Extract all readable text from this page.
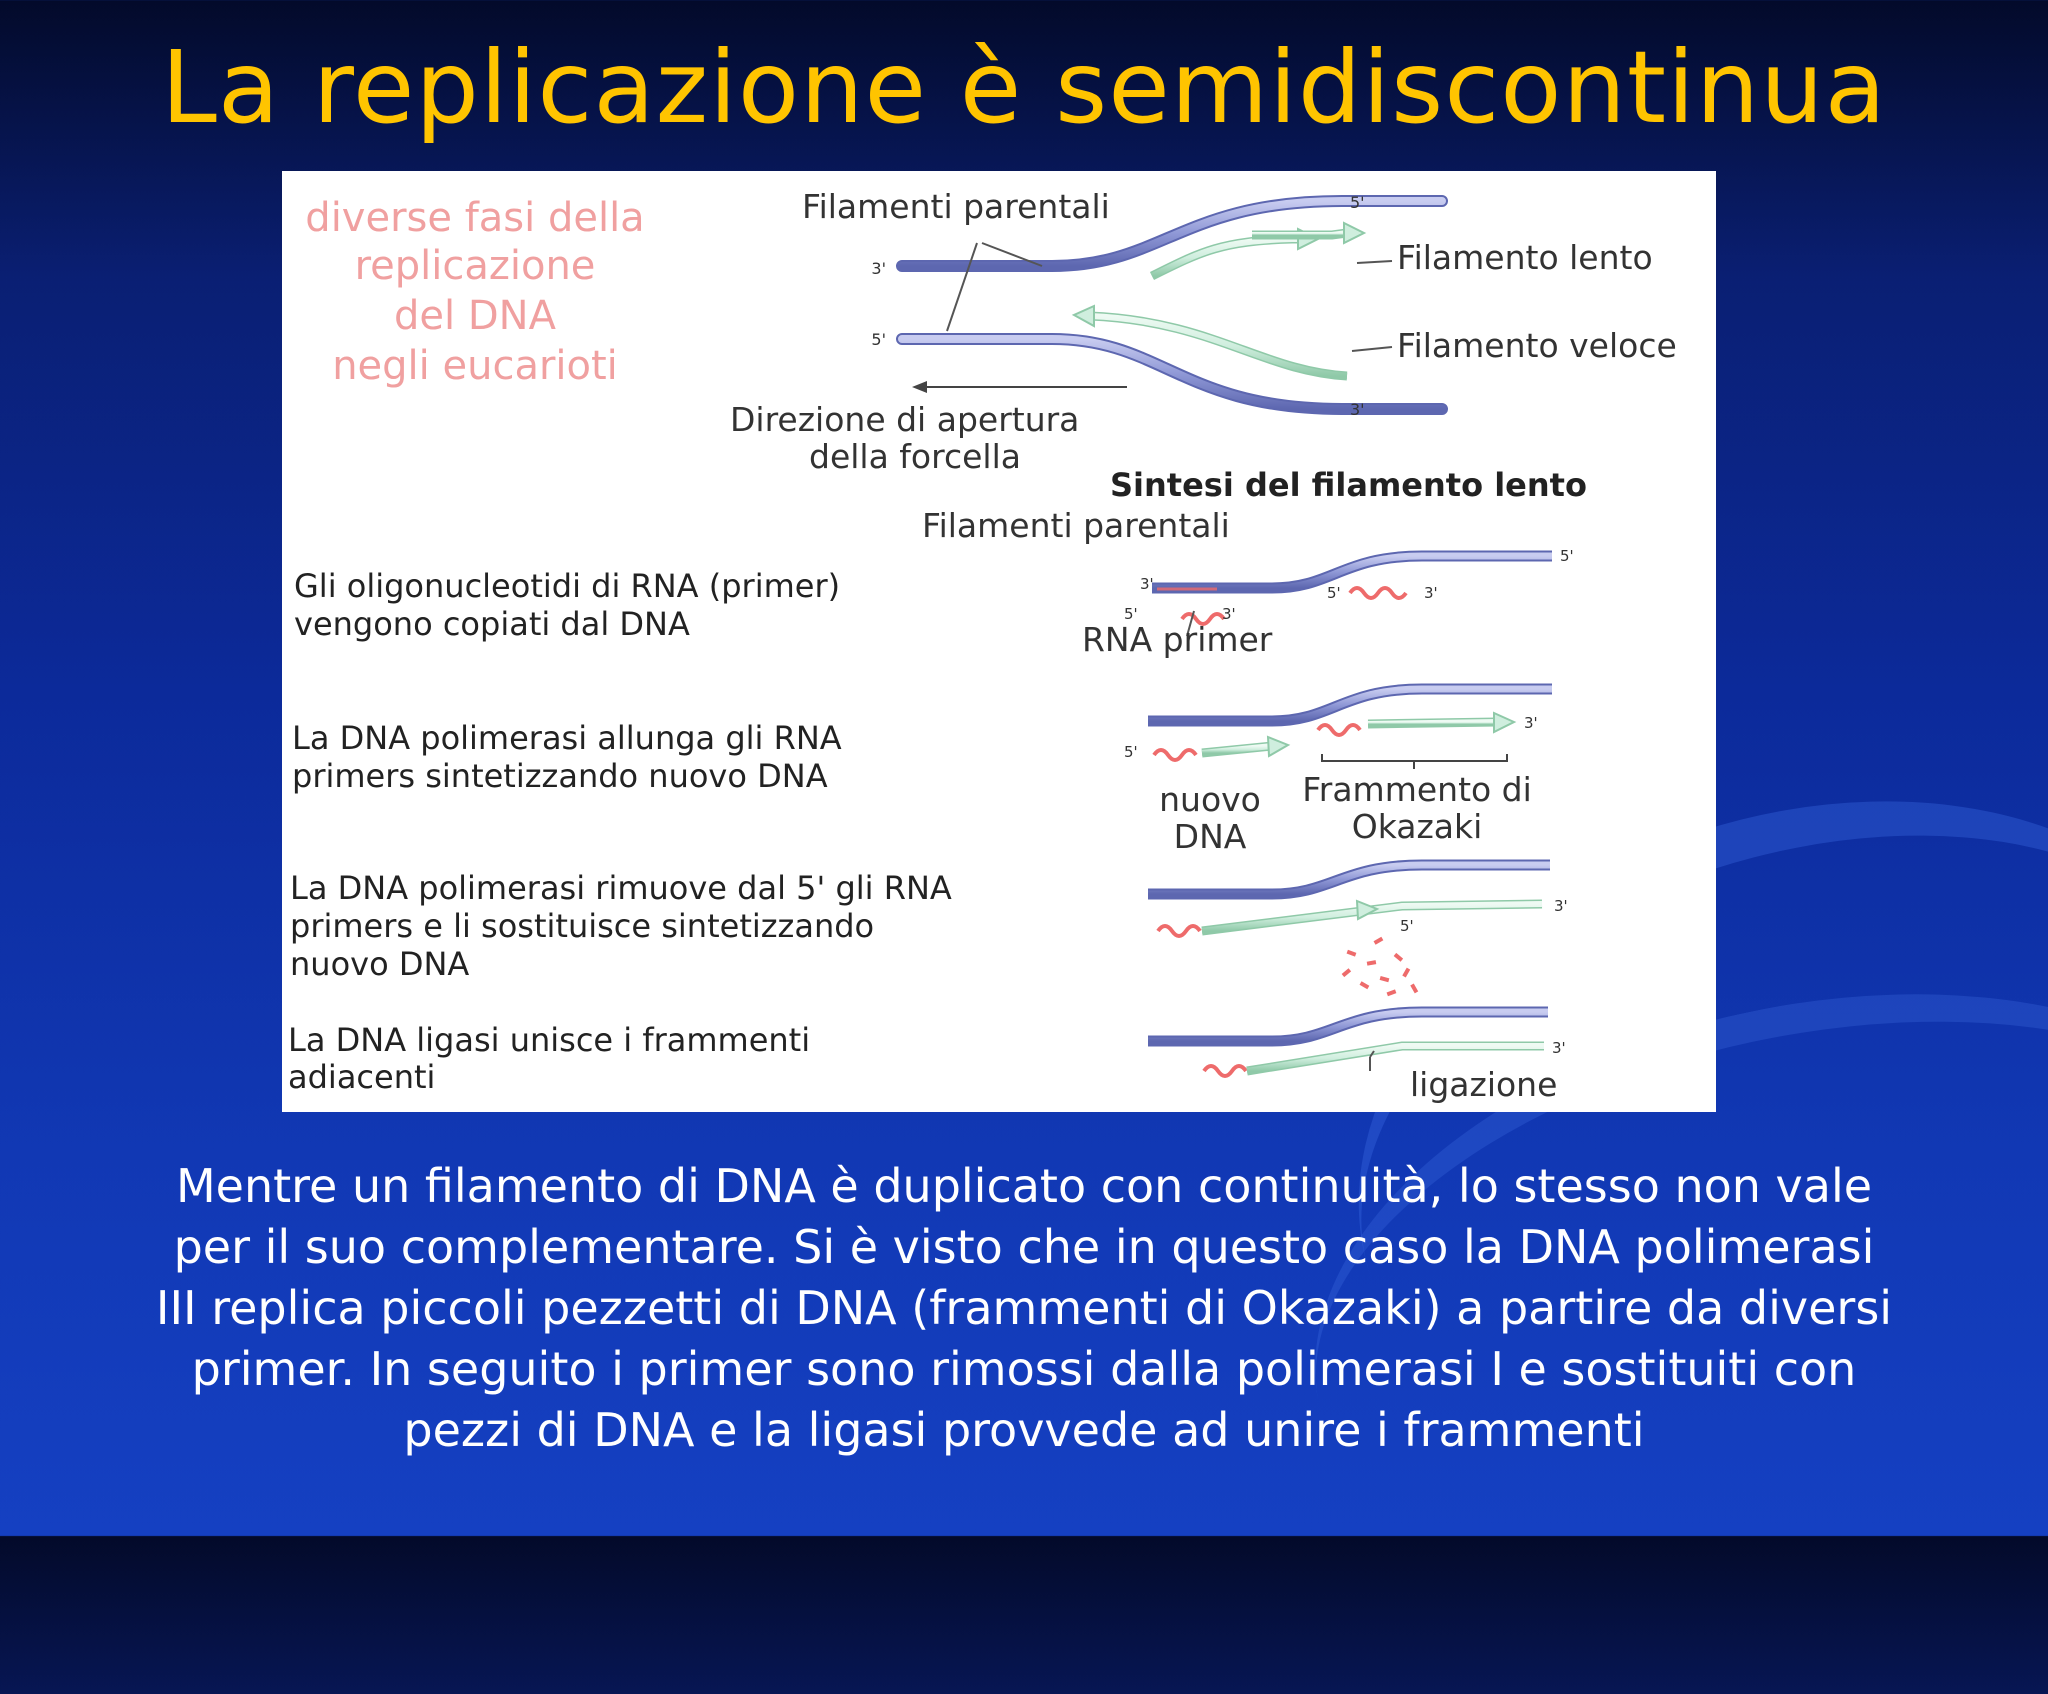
La replicazione è semidiscontinua
diverse fasi della
replicazione
del DNA
negli eucarioti
3'
5'
5'
3'
Filamenti parentali
Filamento lento
Filamento veloce
Direzione di apertura
della forcella
Sintesi del filamento lento
Filamenti parentali
Gli oligonucleotidi di RNA (primer)
vengono copiati dal DNA
3'
5'
5'	3'
5'	3'
RNA primer
La DNA polimerasi allunga gli RNA
primers sintetizzando nuovo DNA
5'
3'
nuovo
DNA
Frammento di
Okazaki
La DNA polimerasi rimuove dal 5' gli RNA
primers e li sostituisce sintetizzando
nuovo DNA
3'
5'
La DNA ligasi unisce i frammenti
adiacenti
3'
ligazione
Mentre un filamento di DNA è duplicato con continuità, lo stesso non vale per il suo complementare. Si è visto che in questo caso la DNA polimerasi III replica piccoli pezzetti di DNA (frammenti di Okazaki) a partire da diversi primer. In seguito i primer sono rimossi dalla polimerasi I e sostituiti con pezzi di DNA e la ligasi provvede ad unire i frammenti
